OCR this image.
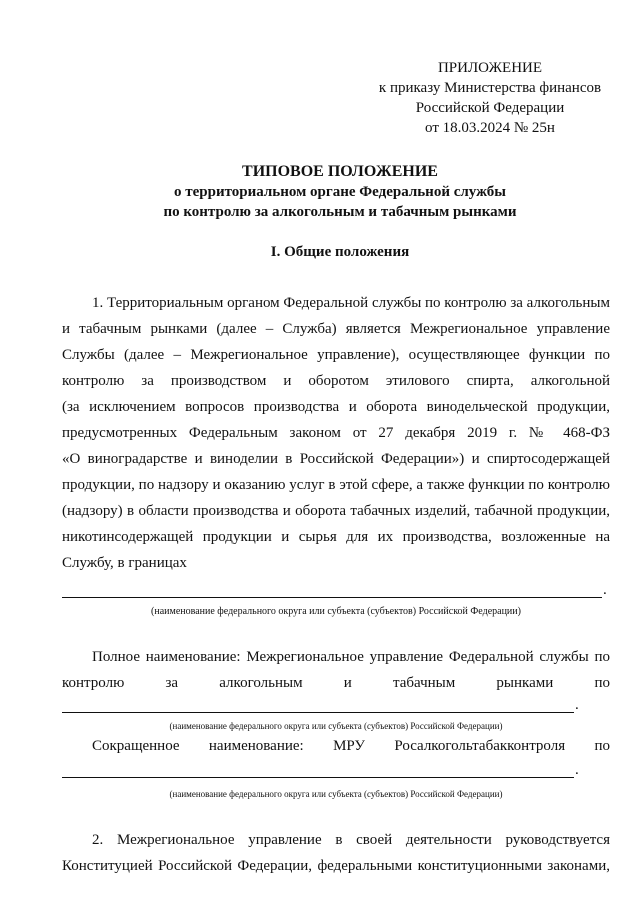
ПРИЛОЖЕНИЕ
к приказу Министерства финансов
Российской Федерации
от 18.03.2024 № 25н
ТИПОВОЕ ПОЛОЖЕНИЕ
о территориальном органе Федеральной службы
по контролю за алкогольным и табачным рынками
I. Общие положения
1. Территориальным органом Федеральной службы по контролю за алкогольным
и табачным рынками (далее – Служба) является Межрегиональное управление
Службы (далее – Межрегиональное управление), осуществляющее функции по
контролю за производством и оборотом этилового спирта, алкогольной
(за исключением вопросов производства и оборота винодельческой продукции,
предусмотренных Федеральным законом от 27 декабря 2019 г. № 468-ФЗ
«О виноградарстве и виноделии в Российской Федерации») и спиртосодержащей
продукции, по надзору и оказанию услуг в этой сфере, а также функции по контролю
(надзору) в области производства и оборота табачных изделий, табачной продукции,
никотинсодержащей продукции и сырья для их производства, возложенные на
Службу, в границах
.
(наименование федерального округа или субъекта (субъектов) Российской Федерации)
Полное наименование: Межрегиональное управление Федеральной службы по
контролю за алкогольным и табачным рынками по
.
(наименование федерального округа или субъекта (субъектов) Российской Федерации)
Сокращенное наименование: МРУ Росалкогольтабакконтроля по
.
(наименование федерального округа или субъекта (субъектов) Российской Федерации)
2. Межрегиональное управление в своей деятельности руководствуется
Конституцией Российской Федерации, федеральными конституционными законами,
